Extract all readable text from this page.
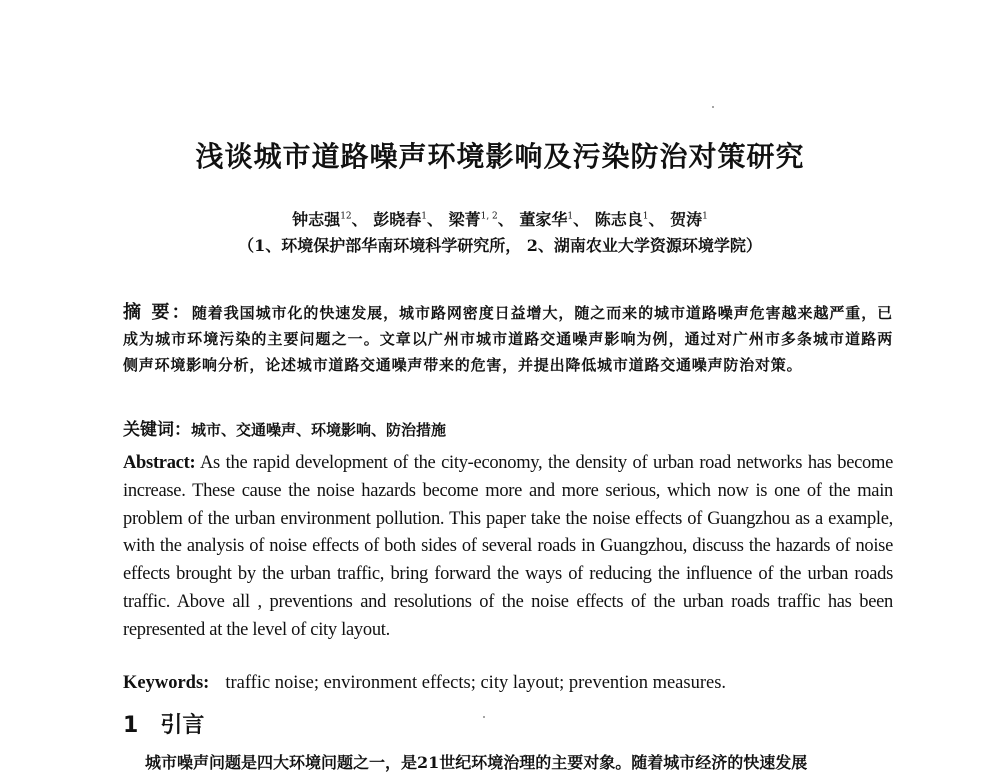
浅谈城市道路噪声环境影响及污染防治对策研究
钟志强$^{12}$、 彭晓春$^1$、 梁菁$^{1, 2}$、 董家华$^1$、 陈志良$^1$、 贺涛$^1$
（1、环境保护部华南环境科学研究所， 2、湖南农业大学资源环境学院）
摘 要：随着我国城市化的快速发展，城市路网密度日益增大，随之而来的城市道路噪声危害越来越严重，已成为城市环境污染的主要问题之一。文章以广州市城市道路交通噪声影响为例，通过对广州市多条城市道路两侧声环境影响分析，论述城市道路交通噪声带来的危害，并提出降低城市道路交通噪声防治对策。
关键词：城市、交通噪声、环境影响、防治措施
Abstract: As the rapid development of the city-economy, the density of urban road networks has become increase. These cause the noise hazards become more and more serious, which now is one of the main problem of the urban environment pollution. This paper take the noise effects of Guangzhou as a example, with the analysis of noise effects of both sides of several roads in Guangzhou, discuss the hazards of noise effects brought by the urban traffic, bring forward the ways of reducing the influence of the urban roads traffic. Above all , preventions and resolutions of the noise effects of the urban roads traffic has been represented at the level of city layout.
Keywords: traffic noise; environment effects; city layout; prevention measures.
1 引言
城市噪声问题是四大环境问题之一，是21世纪环境治理的主要对象。随着城市经济的快速发展
